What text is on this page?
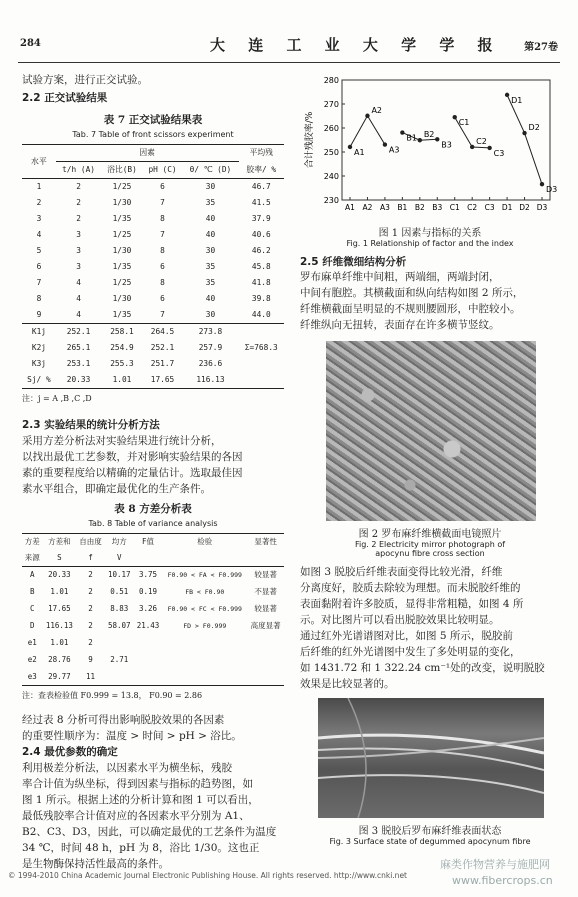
284	大 连 工 业 大 学 学 报 第27卷
试验方案，进行正交试验。
2.2 正交试验结果
表 7 正交试验结果表
Tab. 7 Table of front scissors experiment
水平	因素				平均残
	t/h (A)	浴比(B)	pH (C)	θ/ ℃ (D)	胶率/ %
1	2	1/25	6	30	46.7
2	2	1/30	7	35	41.5
3	2	1/35	8	40	37.9
4	3	1/25	7	40	40.6
5	3	1/30	8	30	46.2
6	3	1/35	6	35	45.8
7	4	1/25	8	35	41.8
8	4	1/30	6	40	39.8
9	4	1/35	7	30	44.0
K1j	252.1	258.1	264.5	273.8	
K2j	265.1	254.9	252.1	257.9	Σ=768.3
K3j	253.1	255.3	251.7	236.6	
Sj/ %	20.33	1.01	17.65	116.13	
注：j = A ,B ,C ,D
2.3 实验结果的统计分析方法
采用方差分析法对实验结果进行统计分析，
以找出最优工艺参数，并对影响实验结果的各因
素的重要程度给以精确的定量估计。选取最佳因
素水平组合，即确定最优化的生产条件。
表 8 方差分析表
Tab. 8 Table of variance analysis
方差	方差和	自由度	均方	F值	检验	显著性
来源	S	f	V			
A	20.33	2	10.17	3.75	F0.90 < FA < F0.999	较显著
B	1.01	2	0.51	0.19	FB < F0.90	不显著
C	17.65	2	8.83	3.26	F0.90 < FC < F0.999	较显著
D	116.13	2	58.07	21.43	FD > F0.999	高度显著
e1	1.01	2				
e2	28.76	9	2.71			
e3	29.77	11				
注：查表检验值 F0.999 = 13.8， F0.90 = 2.86
经过表 8 分析可得出影响脱胶效果的各因素
的重要性顺序为：温度 > 时间 > pH > 浴比。
2.4 最优参数的确定
利用极差分析法，以因素水平为横坐标，残胶
率合计值为纵坐标，得到因素与指标的趋势图，如
图 1 所示。根据上述的分析计算和图 1 可以看出，
最低残胶率合计值对应的各因素水平分别为 A1、
B2、C3、D3，因此，可以确定最优的工艺条件为温度
34 ℃，时间 48 h，pH 为 8，浴比 1/30。这也正
是生物酶保持活性最高的条件。
230
240
250
260
270
280
合计残胶率/%
A1 A2 A3 B1 B2 B3 C1 C2 C3 D1 D2 D3
A1
A2
A3
B1 B2
B3
C1
C2
C3
D1
D2
D3
图 1 因素与指标的关系
Fig. 1 Relationship of factor and the index
2.5 纤维微细结构分析
罗布麻单纤维中间粗，两端细，两端封闭，
中间有胞腔。其横截面和纵向结构如图 2 所示，
纤维横截面呈明显的不规则腰圆形，中腔较小。
纤维纵向无扭转，表面存在许多横节竖纹。
图 2 罗布麻纤维横截面电镜照片
Fig. 2 Electricity mirror photograph of
apocynu fibre cross section
如图 3 脱胶后纤维表面变得比较光滑，纤维
分离度好，胶质去除较为理想。而未脱胶纤维的
表面黏附着许多胶质，显得非常粗糙，如图 4 所
示。对比图片可以看出脱胶效果比较明显。
通过红外光谱谱图对比，如图 5 所示，脱胶前
后纤维的红外光谱图中发生了多处明显的变化，
如 1431.72 和 1 322.24 cm⁻¹处的改变，说明脱胶
效果是比较显著的。
图 3 脱胶后罗布麻纤维表面状态
Fig. 3 Surface state of degummed apocynum fibre
© 1994-2010 China Academic Journal Electronic Publishing House. All rights reserved. http://www.cnki.net
麻类作物营养与施肥网
www.fibercrops.cn
